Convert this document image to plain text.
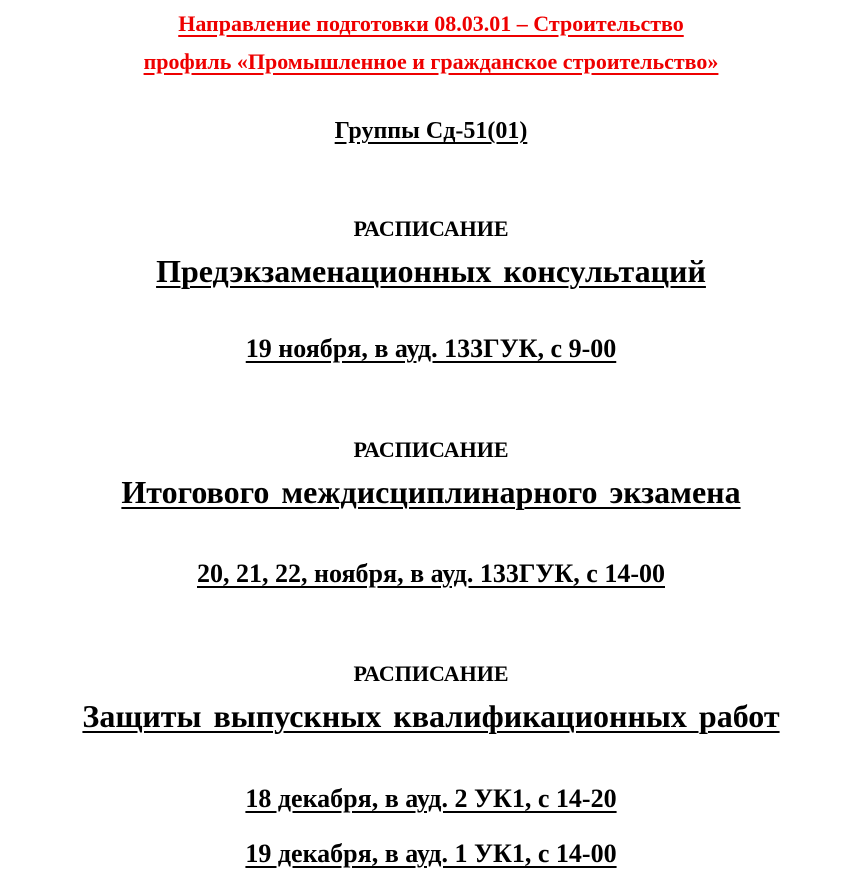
Направление подготовки 08.03.01 – Строительство
профиль «Промышленное и гражданское строительство»
Группы Сд-51(01)
РАСПИСАНИЕ
Предэкзаменационных консультаций
19 ноября, в ауд. 133ГУК, с 9-00
РАСПИСАНИЕ
Итогового междисциплинарного экзамена
20, 21, 22, ноября, в ауд. 133ГУК, с 14-00
РАСПИСАНИЕ
Защиты выпускных квалификационных работ
18 декабря, в ауд. 2 УК1, с 14-20
19 декабря, в ауд. 1 УК1, с 14-00
